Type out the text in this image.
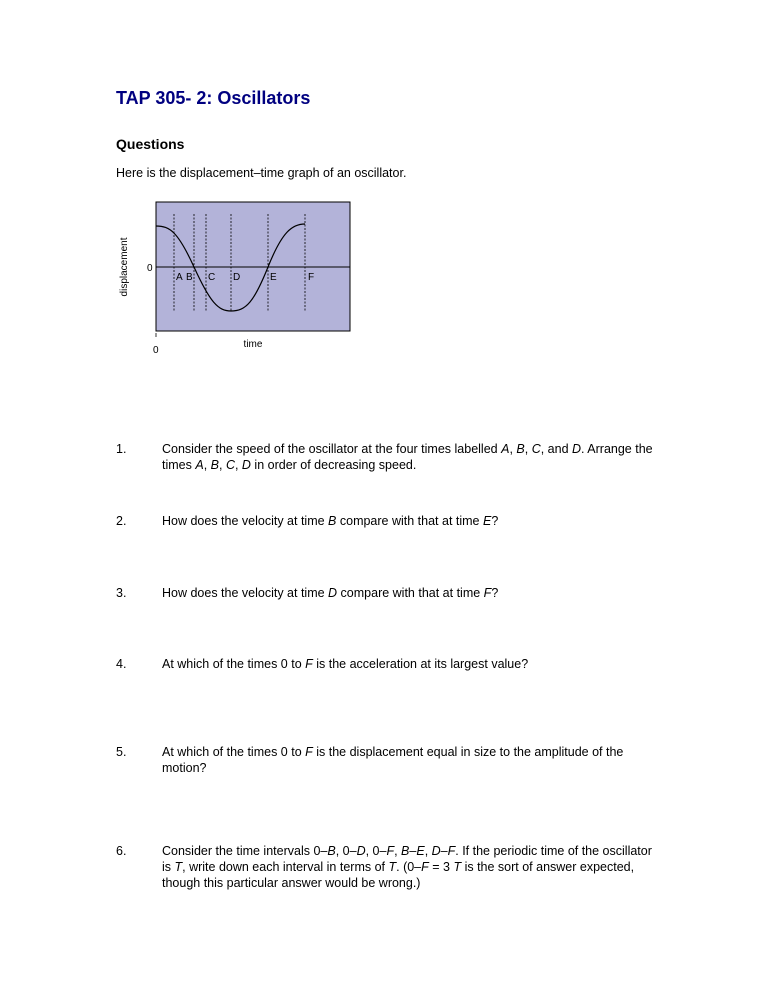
TAP 305- 2: Oscillators
Questions

Here is the displacement–time graph of an oscillator.

displacement 0
0
time
A B C D	E	F
1.	Consider the speed of the oscillator at the four times labelled A, B, C, and D. Arrange the times A, B, C, D in order of decreasing speed.
2.	How does the velocity at time B compare with that at time E?
3.	How does the velocity at time D compare with that at time F?
4.	At which of the times 0 to F is the acceleration at its largest value?
5.	At which of the times 0 to F is the displacement equal in size to the amplitude of the motion?
6.	Consider the time intervals 0–B, 0–D, 0–F, B–E, D–F. If the periodic time of the oscillator is T, write down each interval in terms of T. (0–F = 3 T is the sort of answer expected, though this particular answer would be wrong.)
